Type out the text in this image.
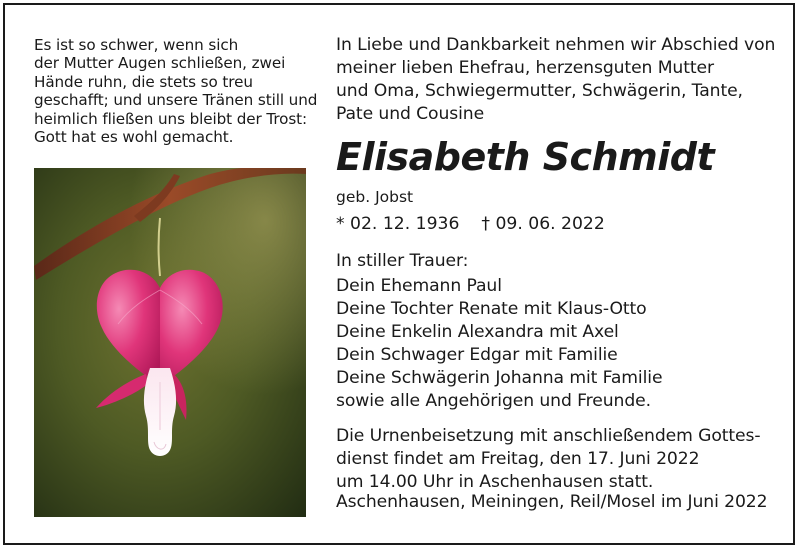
Es ist so schwer, wenn sich
der Mutter Augen schließen, zwei
Hände ruhn, die stets so treu
geschafft; und unsere Tränen still und
heimlich fließen uns bleibt der Trost:
Gott hat es wohl gemacht.
In Liebe und Dankbarkeit nehmen wir Abschied von
meiner lieben Ehefrau, herzensguten Mutter
und Oma, Schwiegermutter, Schwägerin, Tante,
Pate und Cousine
Elisabeth Schmidt
geb. Jobst
* 02. 12. 1936 † 09. 06. 2022
In stiller Trauer:
Dein Ehemann Paul
Deine Tochter Renate mit Klaus-Otto
Deine Enkelin Alexandra mit Axel
Dein Schwager Edgar mit Familie
Deine Schwägerin Johanna mit Familie
sowie alle Angehörigen und Freunde.
Die Urnenbeisetzung mit anschließendem Gottes-
dienst findet am Freitag, den 17. Juni 2022
um 14.00 Uhr in Aschenhausen statt.
Aschenhausen, Meiningen, Reil/Mosel im Juni 2022
